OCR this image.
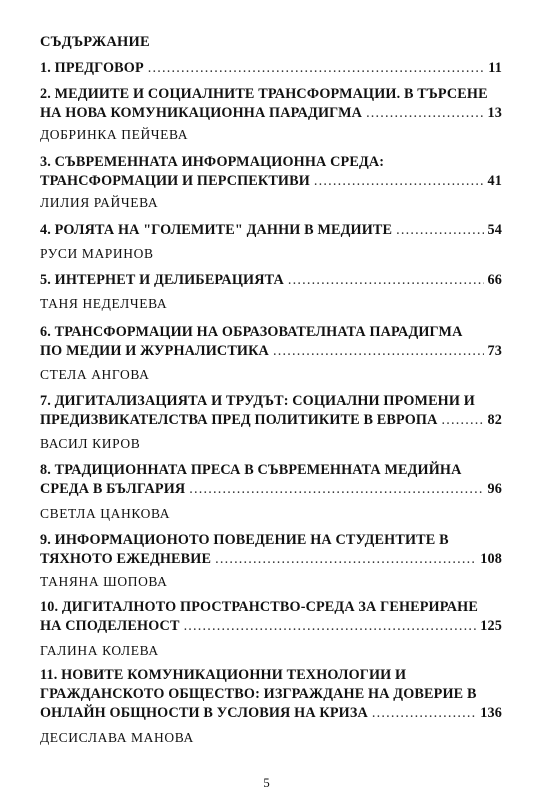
СЪДЪРЖАНИЕ
1. ПРЕДГОВОР .....	11
2. МЕДИИТЕ И СОЦИАЛНИТЕ ТРАНСФОРМАЦИИ. В ТЪРСЕНЕ
НА НОВА КОМУНИКАЦИОННА ПАРАДИГМА .....	13
ДОБРИНКА ПЕЙЧЕВА
3. СЪВРЕМЕННАТА ИНФОРМАЦИОННА СРЕДА:
ТРАНСФОРМАЦИИ И ПЕРСПЕКТИВИ .....	41
ЛИЛИЯ РАЙЧЕВА
4. РОЛЯТА НА "ГОЛЕМИТЕ" ДАННИ В МЕДИИТЕ .....	54
РУСИ МАРИНОВ
5. ИНТЕРНЕТ И ДЕЛИБЕРАЦИЯТА .....	66
ТАНЯ НЕДЕЛЧЕВА
6. ТРАНСФОРМАЦИИ НА ОБРАЗОВАТЕЛНАТА ПАРАДИГМА
ПО МЕДИИ И ЖУРНАЛИСТИКА .....	73
СТЕЛА АНГОВА
7. ДИГИТАЛИЗАЦИЯТА И ТРУДЪТ: СОЦИАЛНИ ПРОМЕНИ И
ПРЕДИЗВИКАТЕЛСТВА ПРЕД ПОЛИТИКИТЕ В ЕВРОПА .....	82
ВАСИЛ КИРОВ
8. ТРАДИЦИОННАТА ПРЕСА В СЪВРЕМЕННАТА МЕДИЙНА
СРЕДА В БЪЛГАРИЯ .....	96
СВЕТЛА ЦАНКОВА
9. ИНФОРМАЦИОНОТО ПОВЕДЕНИЕ НА СТУДЕНТИТЕ В
ТЯХНОТО ЕЖЕДНЕВИЕ .....	108
ТАНЯНА ШОПОВА
10. ДИГИТАЛНОТО ПРОСТРАНСТВО-СРЕДА ЗА ГЕНЕРИРАНЕ
НА СПОДЕЛЕНОСТ .....	125
ГАЛИНА КОЛЕВА
11. НОВИТЕ КОМУНИКАЦИОННИ ТЕХНОЛОГИИ И
ГРАЖДАНСКОТО ОБЩЕСТВО: ИЗГРАЖДАНЕ НА ДОВЕРИЕ В
ОНЛАЙН ОБЩНОСТИ В УСЛОВИЯ НА КРИЗА .....	136
ДЕСИСЛАВА МАНОВА
5
